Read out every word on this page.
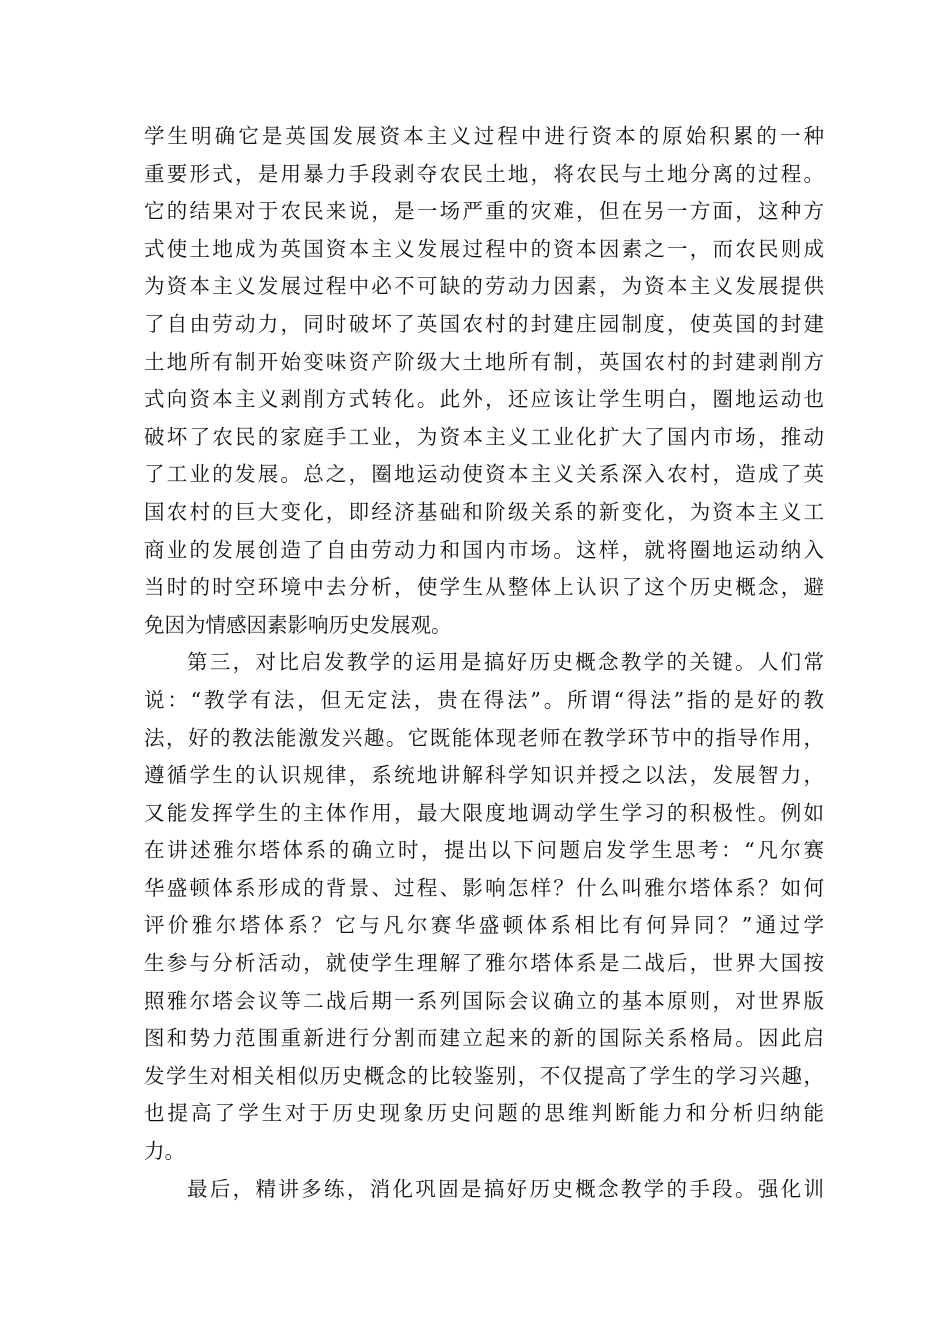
学生明确它是英国发展资本主义过程中进行资本的原始积累的一种
重要形式，是用暴力手段剥夺农民土地，将农民与土地分离的过程。
它的结果对于农民来说，是一场严重的灾难，但在另一方面，这种方
式使土地成为英国资本主义发展过程中的资本因素之一，而农民则成
为资本主义发展过程中必不可缺的劳动力因素，为资本主义发展提供
了自由劳动力，同时破坏了英国农村的封建庄园制度，使英国的封建
土地所有制开始变味资产阶级大土地所有制，英国农村的封建剥削方
式向资本主义剥削方式转化。此外，还应该让学生明白，圈地运动也
破坏了农民的家庭手工业，为资本主义工业化扩大了国内市场，推动
了工业的发展。总之，圈地运动使资本主义关系深入农村，造成了英
国农村的巨大变化，即经济基础和阶级关系的新变化，为资本主义工
商业的发展创造了自由劳动力和国内市场。这样，就将圈地运动纳入
当时的时空环境中去分析，使学生从整体上认识了这个历史概念，避
免因为情感因素影响历史发展观。
第三，对比启发教学的运用是搞好历史概念教学的关键。人们常
说：“教学有法，但无定法，贵在得法”。所谓“得法”指的是好的教
法，好的教法能激发兴趣。它既能体现老师在教学环节中的指导作用，
遵循学生的认识规律，系统地讲解科学知识并授之以法，发展智力，
又能发挥学生的主体作用，最大限度地调动学生学习的积极性。例如
在讲述雅尔塔体系的确立时，提出以下问题启发学生思考：“凡尔赛
华盛顿体系形成的背景、过程、影响怎样？什么叫雅尔塔体系？如何
评价雅尔塔体系？它与凡尔赛华盛顿体系相比有何异同？”通过学
生参与分析活动，就使学生理解了雅尔塔体系是二战后，世界大国按
照雅尔塔会议等二战后期一系列国际会议确立的基本原则，对世界版
图和势力范围重新进行分割而建立起来的新的国际关系格局。因此启
发学生对相关相似历史概念的比较鉴别，不仅提高了学生的学习兴趣，
也提高了学生对于历史现象历史问题的思维判断能力和分析归纳能
力。
最后，精讲多练，消化巩固是搞好历史概念教学的手段。强化训
